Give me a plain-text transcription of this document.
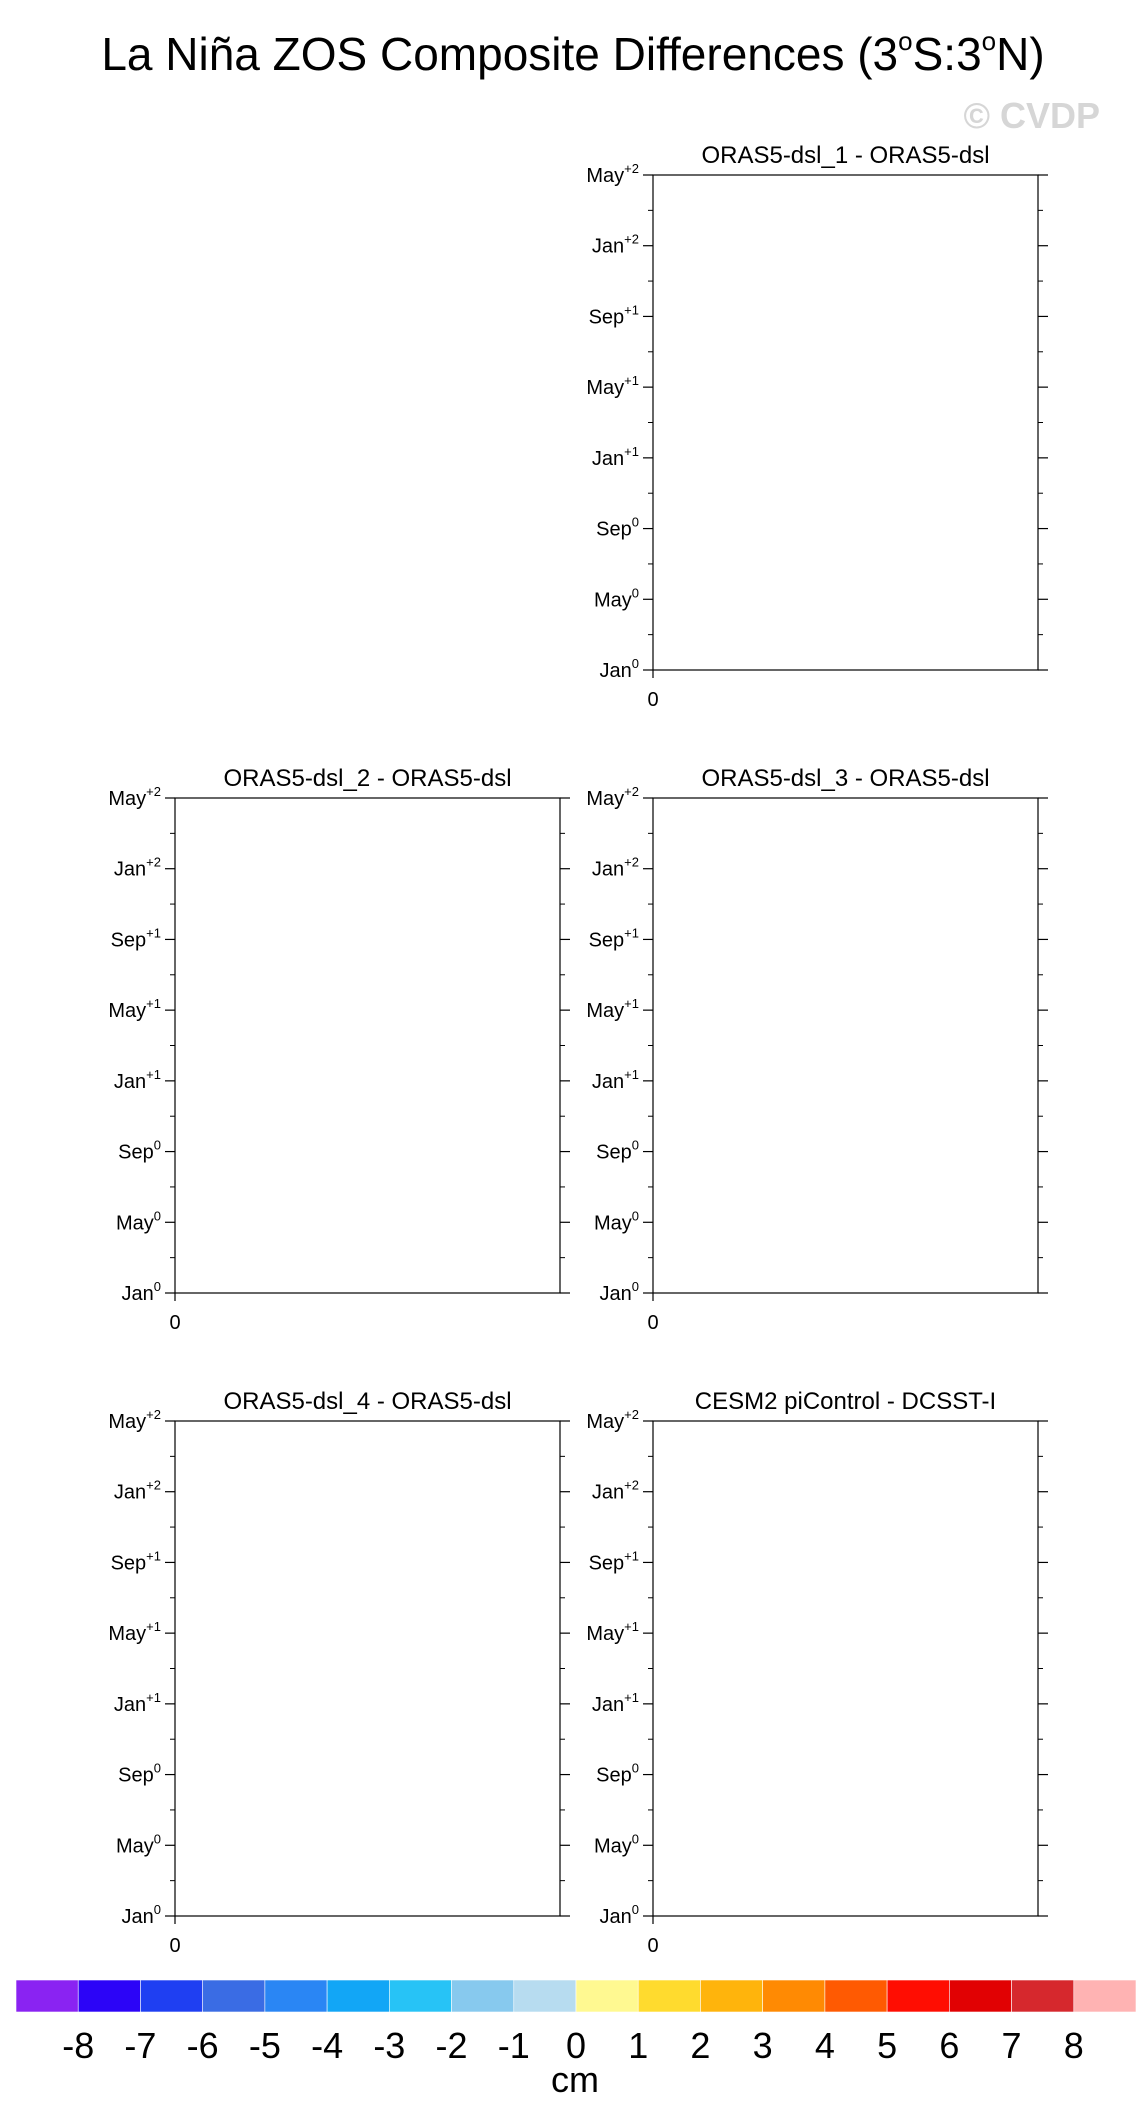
La Niña ZOS Composite Differences (3$^o$S:3$^o$N)
© CVDP
ORAS5-dsl_1 - ORAS5-dsl
Jan$^0$
May$^0$
Sep$^0$
Jan$^{+1}$
May$^{+1}$
Sep$^{+1}$
Jan$^{+2}$
May$^{+2}$
0
ORAS5-dsl_2 - ORAS5-dsl
Jan$^0$
May$^0$
Sep$^0$
Jan$^{+1}$
May$^{+1}$
Sep$^{+1}$
Jan$^{+2}$
May$^{+2}$
0
ORAS5-dsl_3 - ORAS5-dsl
Jan$^0$
May$^0$
Sep$^0$
Jan$^{+1}$
May$^{+1}$
Sep$^{+1}$
Jan$^{+2}$
May$^{+2}$
0
ORAS5-dsl_4 - ORAS5-dsl
Jan$^0$
May$^0$
Sep$^0$
Jan$^{+1}$
May$^{+1}$
Sep$^{+1}$
Jan$^{+2}$
May$^{+2}$
0
CESM2 piControl - DCSST-I
Jan$^0$
May$^0$
Sep$^0$
Jan$^{+1}$
May$^{+1}$
Sep$^{+1}$
Jan$^{+2}$
May$^{+2}$
0
-8 -7 -6 -5 -4 -3 -2 -1 0 1 2 3 4 5 6 7 8
cm
